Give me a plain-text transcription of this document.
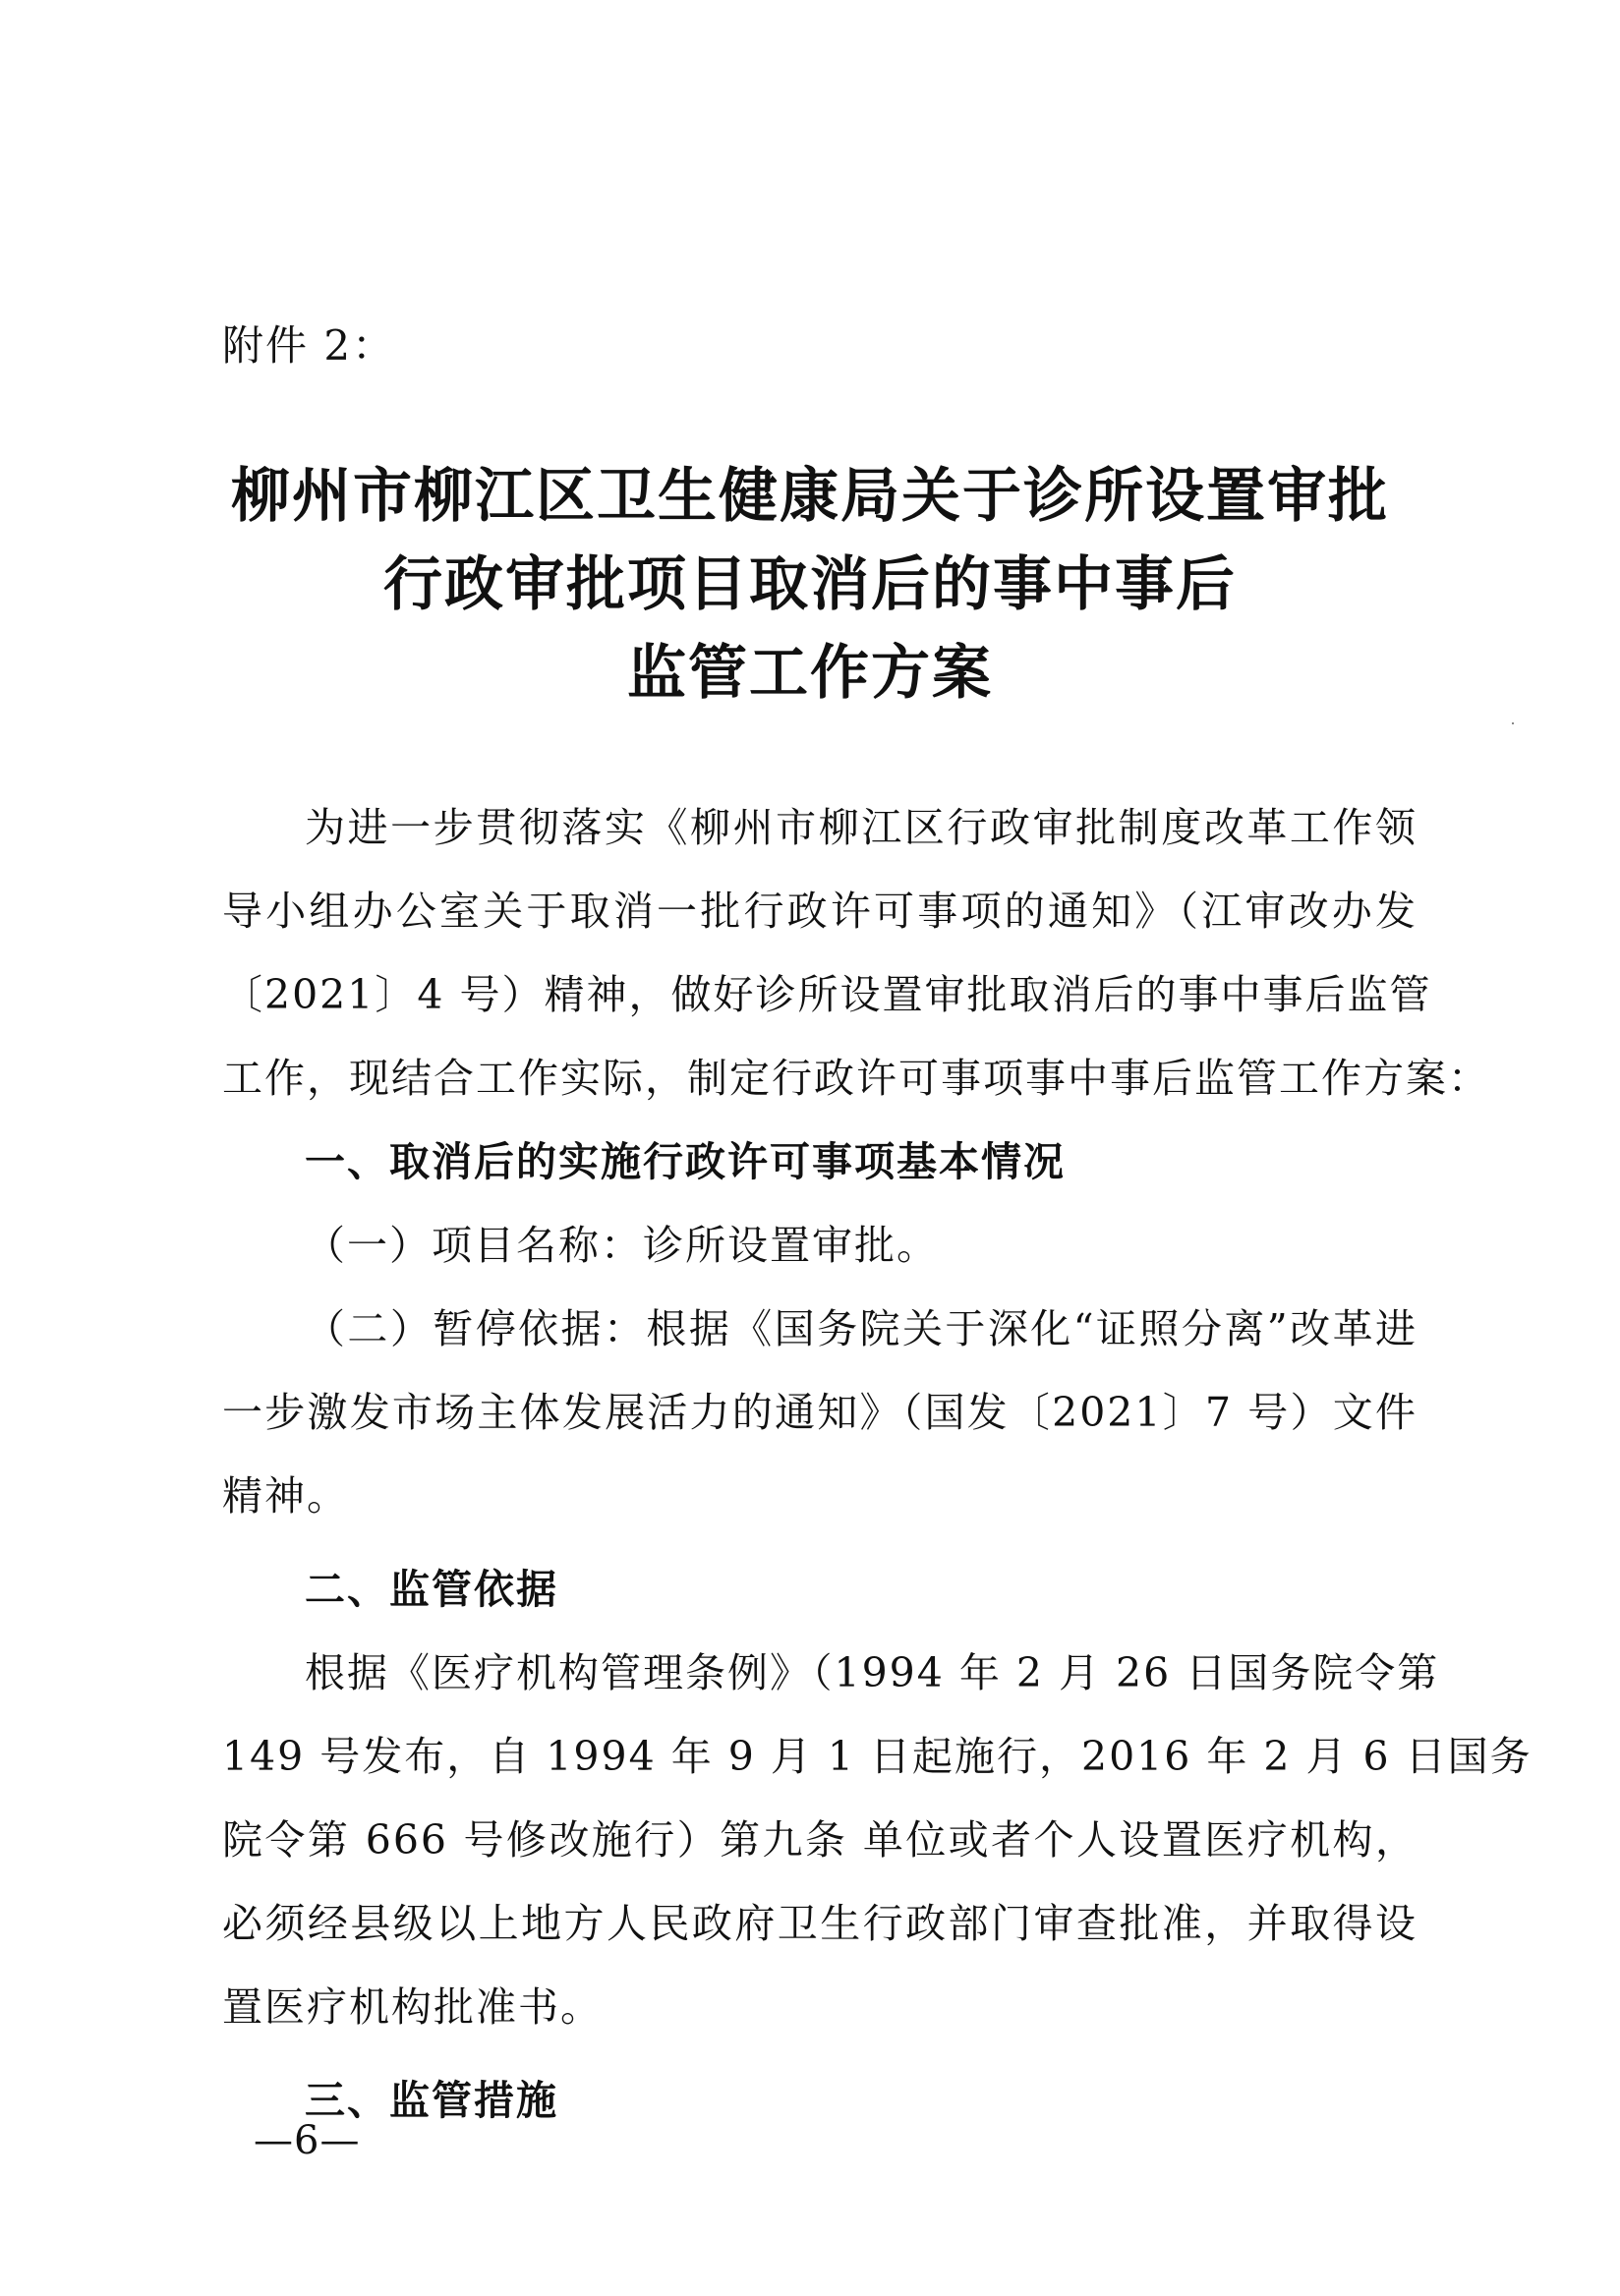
附件 2：
柳州市柳江区卫生健康局关于诊所设置审批
行政审批项目取消后的事中事后
监管工作方案
为进一步贯彻落实《柳州市柳江区行政审批制度改革工作领
导小组办公室关于取消一批行政许可事项的通知》（江审改办发
〔2021〕4 号）精神，做好诊所设置审批取消后的事中事后监管
工作，现结合工作实际，制定行政许可事项事中事后监管工作方案：

一、取消后的实施行政许可事项基本情况

（一）项目名称：诊所设置审批。

（二）暂停依据：根据《国务院关于深化“证照分离”改革进
一步激发市场主体发展活力的通知》（国发〔2021〕7 号）文件
精神。

二、监管依据

根据《医疗机构管理条例》（1994 年 2 月 26 日国务院令第
149 号发布，自 1994 年 9 月 1 日起施行，2016 年 2 月 6 日国务
院令第 666 号修改施行）第九条 单位或者个人设置医疗机构，
必须经县级以上地方人民政府卫生行政部门审查批准，并取得设
置医疗机构批准书。

三、监管措施

—6—
